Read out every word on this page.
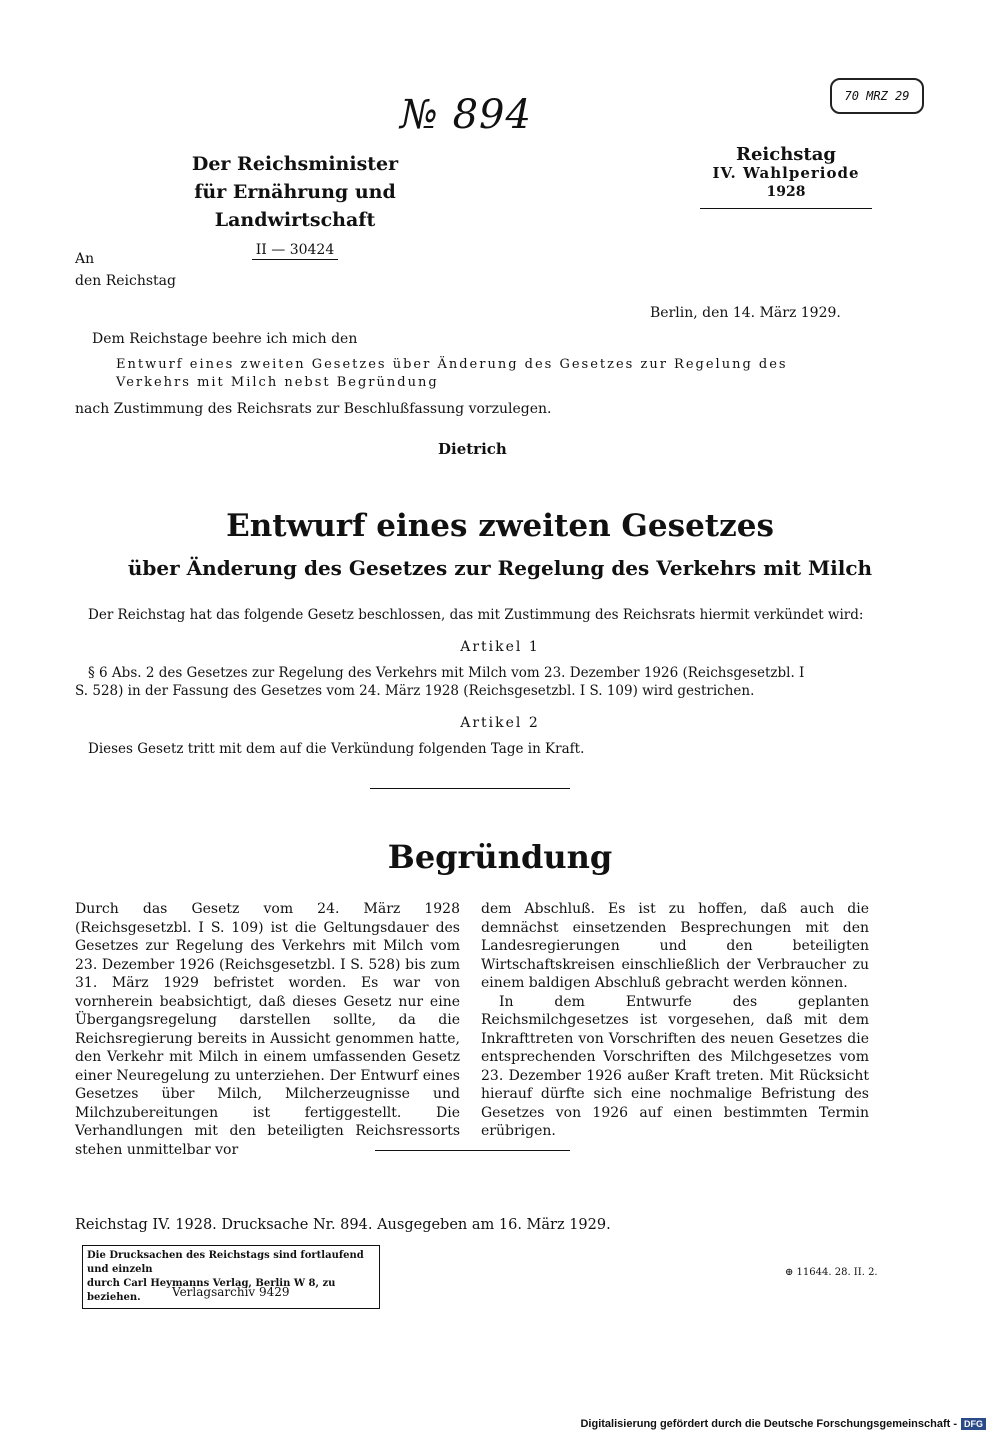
70 MRZ 29
№ 894
Der Reichsminister
für Ernährung und Landwirtschaft
II — 30424
Reichstag
IV. Wahlperiode
1928
An
den Reichstag
Berlin, den 14. März 1929.
Dem Reichstage beehre ich mich den
Entwurf eines zweiten Gesetzes über Änderung des Gesetzes zur Regelung des
Verkehrs mit Milch nebst Begründung
nach Zustimmung des Reichsrats zur Beschlußfassung vorzulegen.
Dietrich
Entwurf eines zweiten Gesetzes
über Änderung des Gesetzes zur Regelung des Verkehrs mit Milch
Der Reichstag hat das folgende Gesetz beschlossen, das mit Zustimmung des Reichsrats hiermit verkündet wird:
Artikel 1
§ 6 Abs. 2 des Gesetzes zur Regelung des Verkehrs mit Milch vom 23. Dezember 1926 (Reichsgesetzbl. I
S. 528) in der Fassung des Gesetzes vom 24. März 1928 (Reichsgesetzbl. I S. 109) wird gestrichen.
Artikel 2
Dieses Gesetz tritt mit dem auf die Verkündung folgenden Tage in Kraft.
Begründung
Durch das Gesetz vom 24. März 1928 (Reichsgesetzbl. I S. 109) ist die Geltungsdauer des Gesetzes zur Regelung des Verkehrs mit Milch vom 23. Dezember 1926 (Reichsgesetzbl. I S. 528) bis zum 31. März 1929 befristet worden. Es war von vornherein beabsichtigt, daß dieses Gesetz nur eine Übergangsregelung darstellen sollte, da die Reichsregierung bereits in Aussicht genommen hatte, den Verkehr mit Milch in einem umfassenden Gesetz einer Neuregelung zu unterziehen. Der Entwurf eines Gesetzes über Milch, Milcherzeugnisse und Milchzubereitungen ist fertiggestellt. Die Verhandlungen mit den beteiligten Reichsressorts stehen unmittelbar vor
dem Abschluß. Es ist zu hoffen, daß auch die demnächst einsetzenden Besprechungen mit den Landesregierungen und den beteiligten Wirtschaftskreisen einschließlich der Verbraucher zu einem baldigen Abschluß gebracht werden können.
In dem Entwurfe des geplanten Reichsmilchgesetzes ist vorgesehen, daß mit dem Inkrafttreten von Vorschriften des neuen Gesetzes die entsprechenden Vorschriften des Milchgesetzes vom 23. Dezember 1926 außer Kraft treten. Mit Rücksicht hierauf dürfte sich eine nochmalige Befristung des Gesetzes von 1926 auf einen bestimmten Termin erübrigen.
Reichstag IV. 1928. Drucksache Nr. 894. Ausgegeben am 16. März 1929.
Die Drucksachen des Reichstags sind fortlaufend und einzeln
durch Carl Heymanns Verlag, Berlin W 8, zu beziehen.	Verlagsarchiv 9429
⊕ 11644. 28. II. 2.
Digitalisierung gefördert durch die Deutsche Forschungsgemeinschaft - DFG
